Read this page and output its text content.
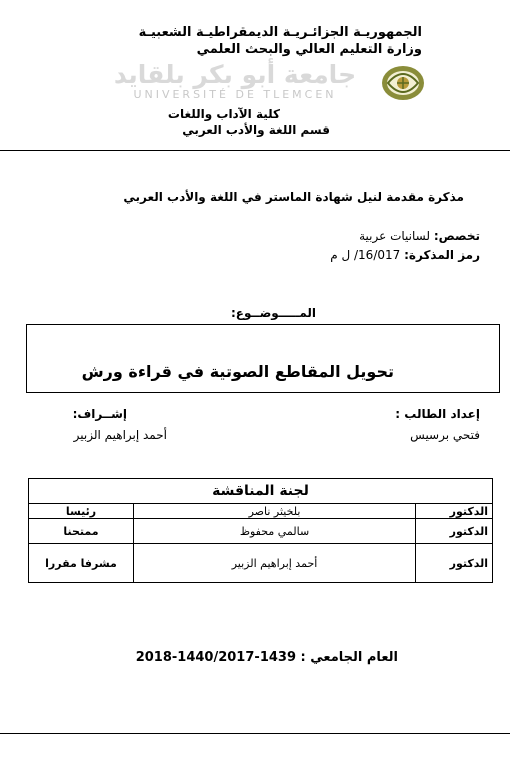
الجمهوريـة الجزائـريـة الديمقراطيـة الشعبيـة
وزارة التعليم العالي والبحث العلمي
جامعة أبو بكر بلقايد
UNIVERSITÉ DE TLEMCEN
كلية الآداب واللغات
قسم اللغة والأدب العربي
مذكرة مقدمة لنيل شهادة الماستر في اللغة والأدب العربي
تخصص: لسانيات عربية
رمز المذكرة: 16/017/ ل م
المـــــوضــوع:
تحويل المقاطع الصوتية في قراءة ورش
إعداد الطالب :
فتحي برسيس
إشــراف:
أحمد إبراهيم الزبير
لجنة المناقشة		
الدكتور	بلخيثر ناصر	رئيسا
الدكتور	سالمي محفوظ	ممتحنا
الدكتور	أحمد إبراهيم الزبير	مشرفا مقررا
العام الجامعي : 1439-1440/2017-2018
